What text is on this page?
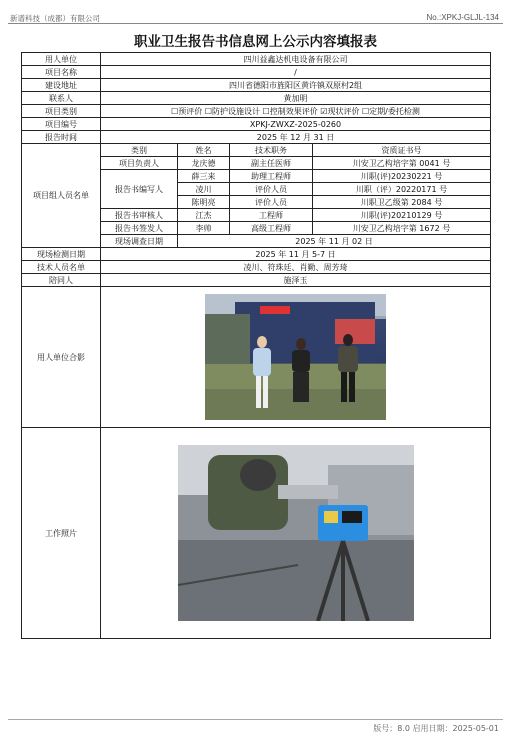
新谱科技（成都）有限公司	No.:XPKJ-GLJL-134
职业卫生报告书信息网上公示内容填报表
用人单位	四川益鑫达机电设备有限公司			
项目名称	/			
建设地址	四川省德阳市旌阳区黄许镇双原村2组			
联系人	黄加明			
项目类别	☐预评价 ☐防护设施设计 ☐控制效果评价 ☑现状评价 ☐定期/委托检测			
项目编号	XPKJ-ZWXZ-2025-0260			
报告时间	2025 年 12 月 31 日			
项目组人员名单	类别	姓名	技术职务	资质证书号
	项目负责人	龙庆德	副主任医师	川安卫乙构培字第 0041 号
	报告书编写人	薛三来	助理工程师	川职(评)20230221 号
		凌川	评价人员	川职（评）20220171 号
		陈明亮	评价人员	川职卫乙级第 2084 号
	报告书审核人	江杰	工程师	川职(评)20210129 号
	报告书签发人	李帅	高级工程师	川安卫乙构培字第 1672 号
	现场调查日期	2025 年 11 月 02 日		
现场检测日期	2025 年 11 月 5-7 日			
技术人员名单	凌川、符珠廷、肖勤、周芳琦			
陪同人	施泽玉			
用人单位合影	

工作照片	
版号：8.0 启用日期：2025-05-01
